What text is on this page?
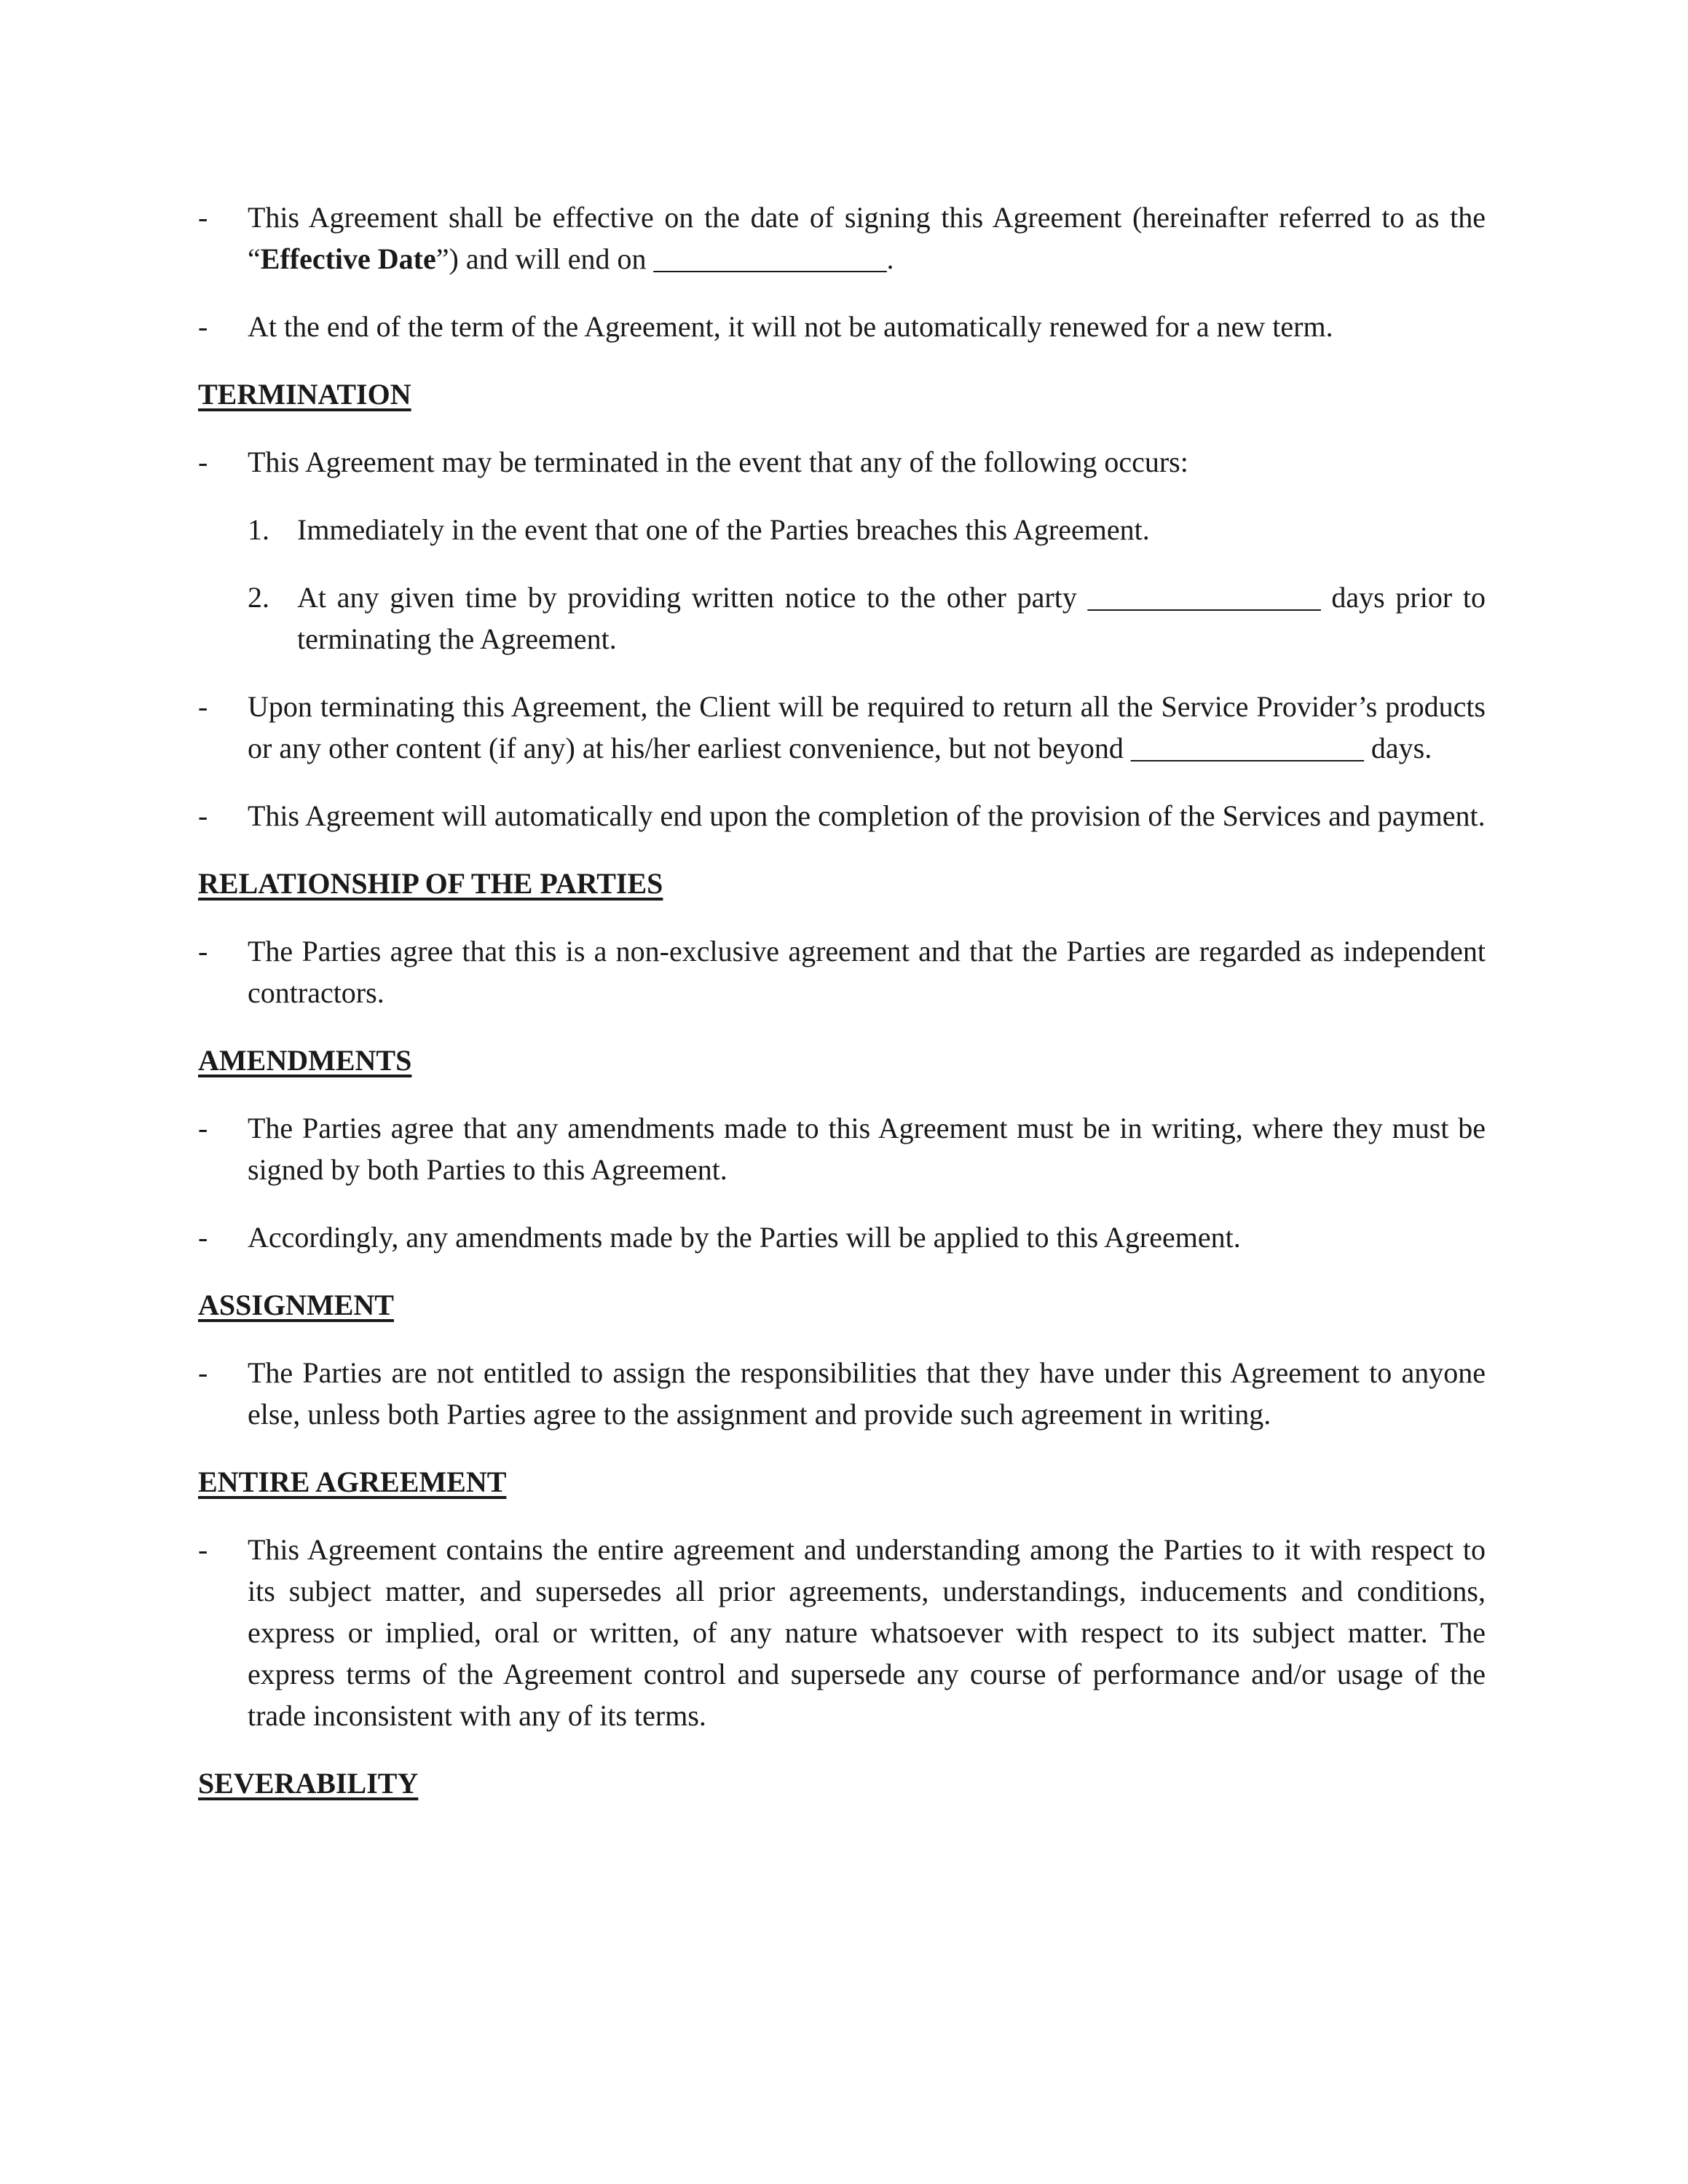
- This Agreement shall be effective on the date of signing this Agreement (hereinafter referred to as the “Effective Date”) and will end on ________________.

- At the end of the term of the Agreement, it will not be automatically renewed for a new term.

TERMINATION

- This Agreement may be terminated in the event that any of the following occurs:

1. Immediately in the event that one of the Parties breaches this Agreement.

2. At any given time by providing written notice to the other party ________________ days prior to terminating the Agreement.

- Upon terminating this Agreement, the Client will be required to return all the Service Provider’s products or any other content (if any) at his/her earliest convenience, but not beyond ________________ days.

- This Agreement will automatically end upon the completion of the provision of the Services and payment.

RELATIONSHIP OF THE PARTIES

- The Parties agree that this is a non-exclusive agreement and that the Parties are regarded as independent contractors.

AMENDMENTS

- The Parties agree that any amendments made to this Agreement must be in writing, where they must be signed by both Parties to this Agreement.

- Accordingly, any amendments made by the Parties will be applied to this Agreement.

ASSIGNMENT

- The Parties are not entitled to assign the responsibilities that they have under this Agreement to anyone else, unless both Parties agree to the assignment and provide such agreement in writing.

ENTIRE AGREEMENT

- This Agreement contains the entire agreement and understanding among the Parties to it with respect to its subject matter, and supersedes all prior agreements, understandings, inducements and conditions, express or implied, oral or written, of any nature whatsoever with respect to its subject matter. The express terms of the Agreement control and supersede any course of performance and/or usage of the trade inconsistent with any of its terms.

SEVERABILITY
